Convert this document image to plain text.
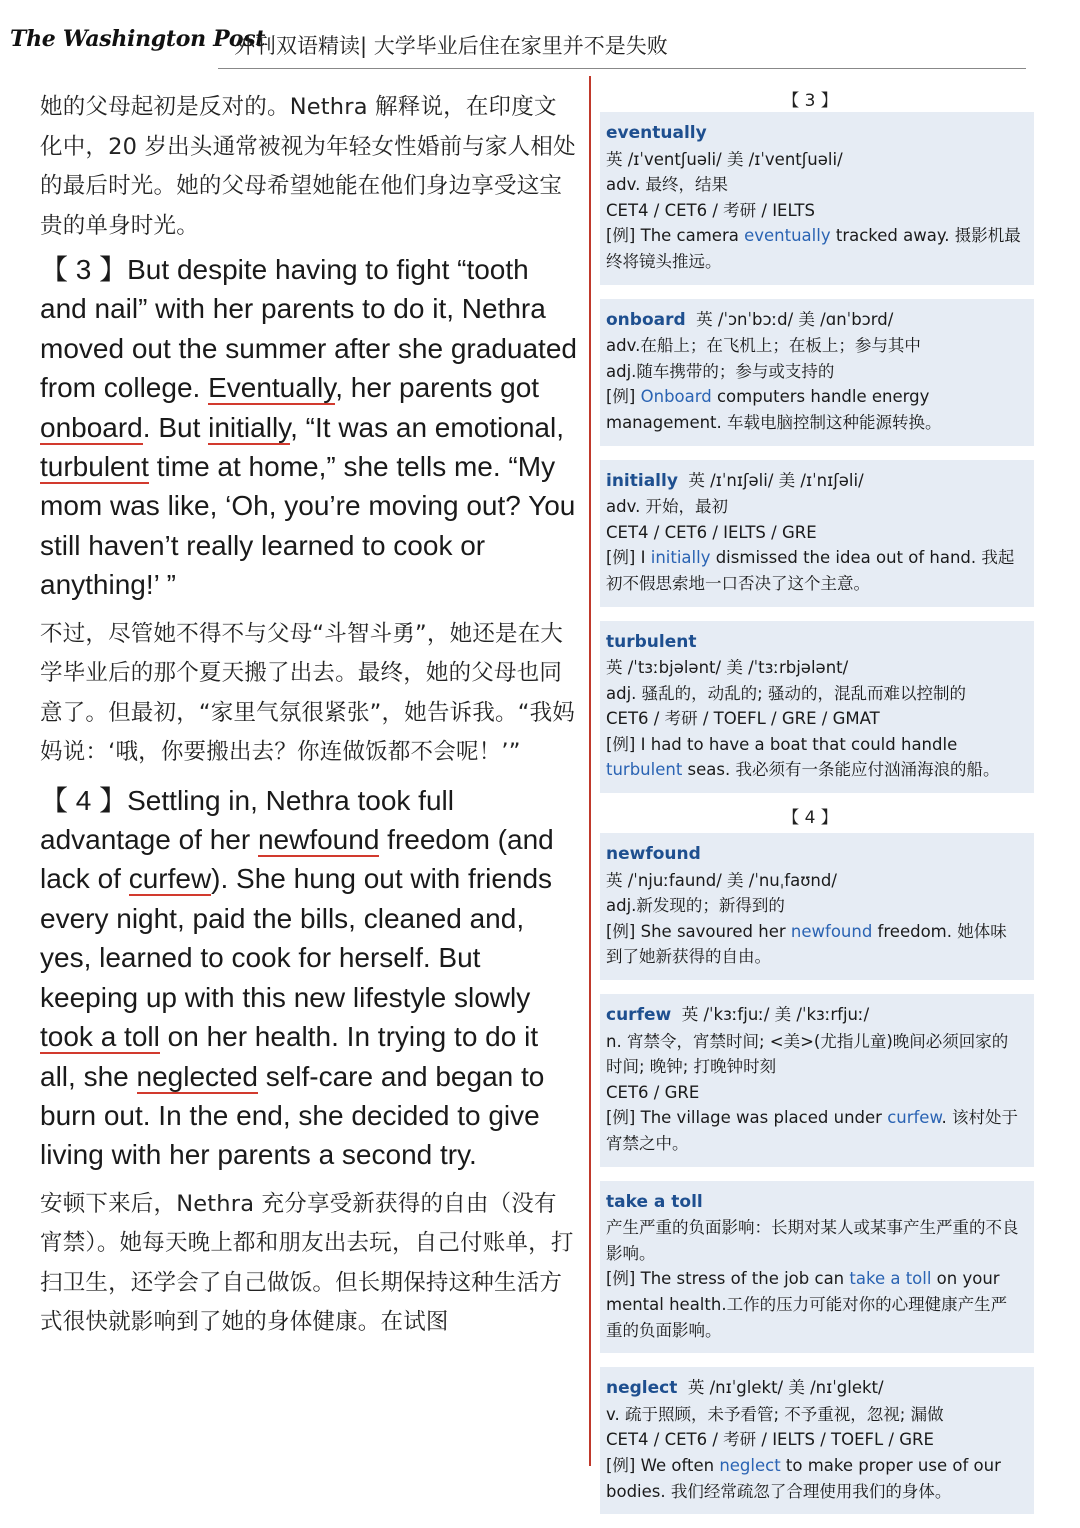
The Washington Post
外刊双语精读| 大学毕业后住在家里并不是失败

她的父母起初是反对的。Nethra 解释说，在印度文化中，20 岁出头通常被视为年轻女性婚前与家人相处的最后时光。她的父母希望她能在他们身边享受这宝贵的单身时光。

【 3 】But despite having to fight “tooth and nail” with her parents to do it, Nethra moved out the summer after she graduated from college. Eventually, her parents got onboard. But initially, “It was an emotional, turbulent time at home,” she tells me. “My mom was like, ‘Oh, you’re moving out? You still haven’t really learned to cook or anything!’ ”

不过，尽管她不得不与父母“斗智斗勇”，她还是在大学毕业后的那个夏天搬了出去。最终，她的父母也同意了。但最初，“家里气氛很紧张”，她告诉我。“我妈妈说：‘哦，你要搬出去？你连做饭都不会呢！’”

【 4 】Settling in, Nethra took full advantage of her newfound freedom (and lack of curfew). She hung out with friends every night, paid the bills, cleaned and, yes, learned to cook for herself. But keeping up with this new lifestyle slowly took a toll on her health. In trying to do it all, she neglected self-care and began to burn out. In the end, she decided to give living with her parents a second try.

安顿下来后，Nethra 充分享受新获得的自由（没有宵禁）。她每天晚上都和朋友出去玩，自己付账单，打扫卫生，还学会了自己做饭。但长期保持这种生活方式很快就影响到了她的身体健康。在试图

【 3 】
eventually
英 /ɪˈventʃuəli/ 美 /ɪˈventʃuəli/
adv. 最终，结果
CET4 / CET6 / 考研 / IELTS
[例] The camera eventually tracked away. 摄影机最终将镜头推远。
onboard 英 /ˈɔnˈbɔːd/ 美 /ɑnˈbɔrd/
adv.在船上；在飞机上；在板上；参与其中
adj.随车携带的；参与或支持的
[例] Onboard computers handle energy management. 车载电脑控制这种能源转换。
initially 英 /ɪˈnɪʃəli/ 美 /ɪˈnɪʃəli/
adv. 开始，最初
CET4 / CET6 / IELTS / GRE
[例] I initially dismissed the idea out of hand. 我起初不假思索地一口否决了这个主意。
turbulent
英 /ˈtɜːbjələnt/ 美 /ˈtɜːrbjələnt/
adj. 骚乱的，动乱的; 骚动的，混乱而难以控制的
CET6 / 考研 / TOEFL / GRE / GMAT
[例] I had to have a boat that could handle turbulent seas. 我必须有一条能应付汹涌海浪的船。
【 4 】
newfound
英 /ˈnjuːfaund/ 美 /ˈnuˌfaʊnd/
adj.新发现的；新得到的
[例] She savoured her newfound freedom. 她体味到了她新获得的自由。
curfew 英 /ˈkɜːfjuː/ 美 /ˈkɜːrfjuː/
n. 宵禁令，宵禁时间; <美>(尤指儿童)晚间必须回家的时间; 晚钟; 打晚钟时刻
CET6 / GRE
[例] The village was placed under curfew. 该村处于宵禁之中。
take a toll
产生严重的负面影响：长期对某人或某事产生严重的不良影响。
[例] The stress of the job can take a toll on your mental health.工作的压力可能对你的心理健康产生严重的负面影响。
neglect 英 /nɪˈglekt/ 美 /nɪˈglekt/
v. 疏于照顾，未予看管; 不予重视，忽视; 漏做
CET4 / CET6 / 考研 / IELTS / TOEFL / GRE
[例] We often neglect to make proper use of our bodies. 我们经常疏忽了合理使用我们的身体。
